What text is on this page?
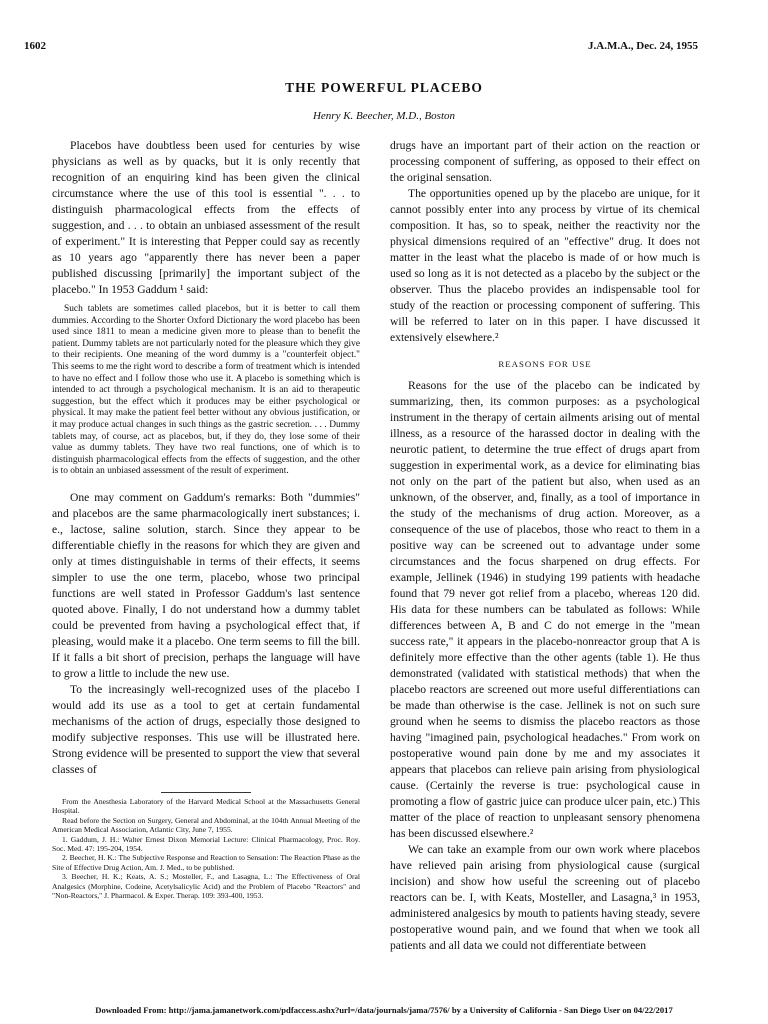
1602	J.A.M.A., Dec. 24, 1955
THE POWERFUL PLACEBO
Henry K. Beecher, M.D., Boston

Placebos have doubtless been used for centuries by wise physicians as well as by quacks, but it is only recently that recognition of an enquiring kind has been given the clinical circumstance where the use of this tool is essential ". . . to distinguish pharmacological effects from the effects of suggestion, and . . . to obtain an unbiased assessment of the result of experiment." It is interesting that Pepper could say as recently as 10 years ago "apparently there has never been a paper published discussing [primarily] the important subject of the placebo." In 1953 Gaddum ¹ said:

Such tablets are sometimes called placebos, but it is better to call them dummies. According to the Shorter Oxford Dictionary the word placebo has been used since 1811 to mean a medicine given more to please than to benefit the patient. Dummy tablets are not particularly noted for the pleasure which they give to their recipients. One meaning of the word dummy is a "counterfeit object." This seems to me the right word to describe a form of treatment which is intended to have no effect and I follow those who use it. A placebo is something which is intended to act through a psychological mechanism. It is an aid to therapeutic suggestion, but the effect which it produces may be either psychological or physical. It may make the patient feel better without any obvious justification, or it may produce actual changes in such things as the gastric secretion. . . . Dummy tablets may, of course, act as placebos, but, if they do, they lose some of their value as dummy tablets. They have two real functions, one of which is to distinguish pharmacological effects from the effects of suggestion, and the other is to obtain an unbiased assessment of the result of experiment.

One may comment on Gaddum's remarks: Both "dummies" and placebos are the same pharmacologically inert substances; i. e., lactose, saline solution, starch. Since they appear to be differentiable chiefly in the reasons for which they are given and only at times distinguishable in terms of their effects, it seems simpler to use the one term, placebo, whose two principal functions are well stated in Professor Gaddum's last sentence quoted above. Finally, I do not understand how a dummy tablet could be prevented from having a psychological effect that, if pleasing, would make it a placebo. One term seems to fill the bill. If it falls a bit short of precision, perhaps the language will have to grow a little to include the new use.

To the increasingly well-recognized uses of the placebo I would add its use as a tool to get at certain fundamental mechanisms of the action of drugs, especially those designed to modify subjective responses. This use will be illustrated here. Strong evidence will be presented to support the view that several classes of

From the Anesthesia Laboratory of the Harvard Medical School at the Massachusetts General Hospital.
Read before the Section on Surgery, General and Abdominal, at the 104th Annual Meeting of the American Medical Association, Atlantic City, June 7, 1955.
1. Gaddum, J. H.: Walter Ernest Dixon Memorial Lecture: Clinical Pharmacology, Proc. Roy. Soc. Med. 47: 195-204, 1954.
2. Beecher, H. K.: The Subjective Response and Reaction to Sensation: The Reaction Phase as the Site of Effective Drug Action, Am. J. Med., to be published.
3. Beecher, H. K.; Keats, A. S.; Mosteller, F., and Lasagna, L.: The Effectiveness of Oral Analgesics (Morphine, Codeine, Acetylsalicylic Acid) and the Problem of Placebo "Reactors" and "Non-Reactors," J. Pharmacol. & Exper. Therap. 109: 393-400, 1953.

drugs have an important part of their action on the reaction or processing component of suffering, as opposed to their effect on the original sensation.

The opportunities opened up by the placebo are unique, for it cannot possibly enter into any process by virtue of its chemical composition. It has, so to speak, neither the reactivity nor the physical dimensions required of an "effective" drug. It does not matter in the least what the placebo is made of or how much is used so long as it is not detected as a placebo by the subject or the observer. Thus the placebo provides an indispensable tool for study of the reaction or processing component of suffering. This will be referred to later on in this paper. I have discussed it extensively elsewhere.²

REASONS FOR USE

Reasons for the use of the placebo can be indicated by summarizing, then, its common purposes: as a psychological instrument in the therapy of certain ailments arising out of mental illness, as a resource of the harassed doctor in dealing with the neurotic patient, to determine the true effect of drugs apart from suggestion in experimental work, as a device for eliminating bias not only on the part of the patient but also, when used as an unknown, of the observer, and, finally, as a tool of importance in the study of the mechanisms of drug action. Moreover, as a consequence of the use of placebos, those who react to them in a positive way can be screened out to advantage under some circumstances and the focus sharpened on drug effects. For example, Jellinek (1946) in studying 199 patients with headache found that 79 never got relief from a placebo, whereas 120 did. His data for these numbers can be tabulated as follows: While differences between A, B and C do not emerge in the "mean success rate," it appears in the placebo-nonreactor group that A is definitely more effective than the other agents (table 1). He thus demonstrated (validated with statistical methods) that when the placebo reactors are screened out more useful differentiations can be made than otherwise is the case. Jellinek is not on such sure ground when he seems to dismiss the placebo reactors as those having "imagined pain, psychological headaches." From work on postoperative wound pain done by me and my associates it appears that placebos can relieve pain arising from physiological cause. (Certainly the reverse is true: psychological cause in promoting a flow of gastric juice can produce ulcer pain, etc.) This matter of the place of reaction to unpleasant sensory phenomena has been discussed elsewhere.²

We can take an example from our own work where placebos have relieved pain arising from physiological cause (surgical incision) and show how useful the screening out of placebo reactors can be. I, with Keats, Mosteller, and Lasagna,³ in 1953, administered analgesics by mouth to patients having steady, severe postoperative wound pain, and we found that when we took all patients and all data we could not differentiate between

Downloaded From: http://jama.jamanetwork.com/pdfaccess.ashx?url=/data/journals/jama/7576/ by a University of California - San Diego User on 04/22/2017
